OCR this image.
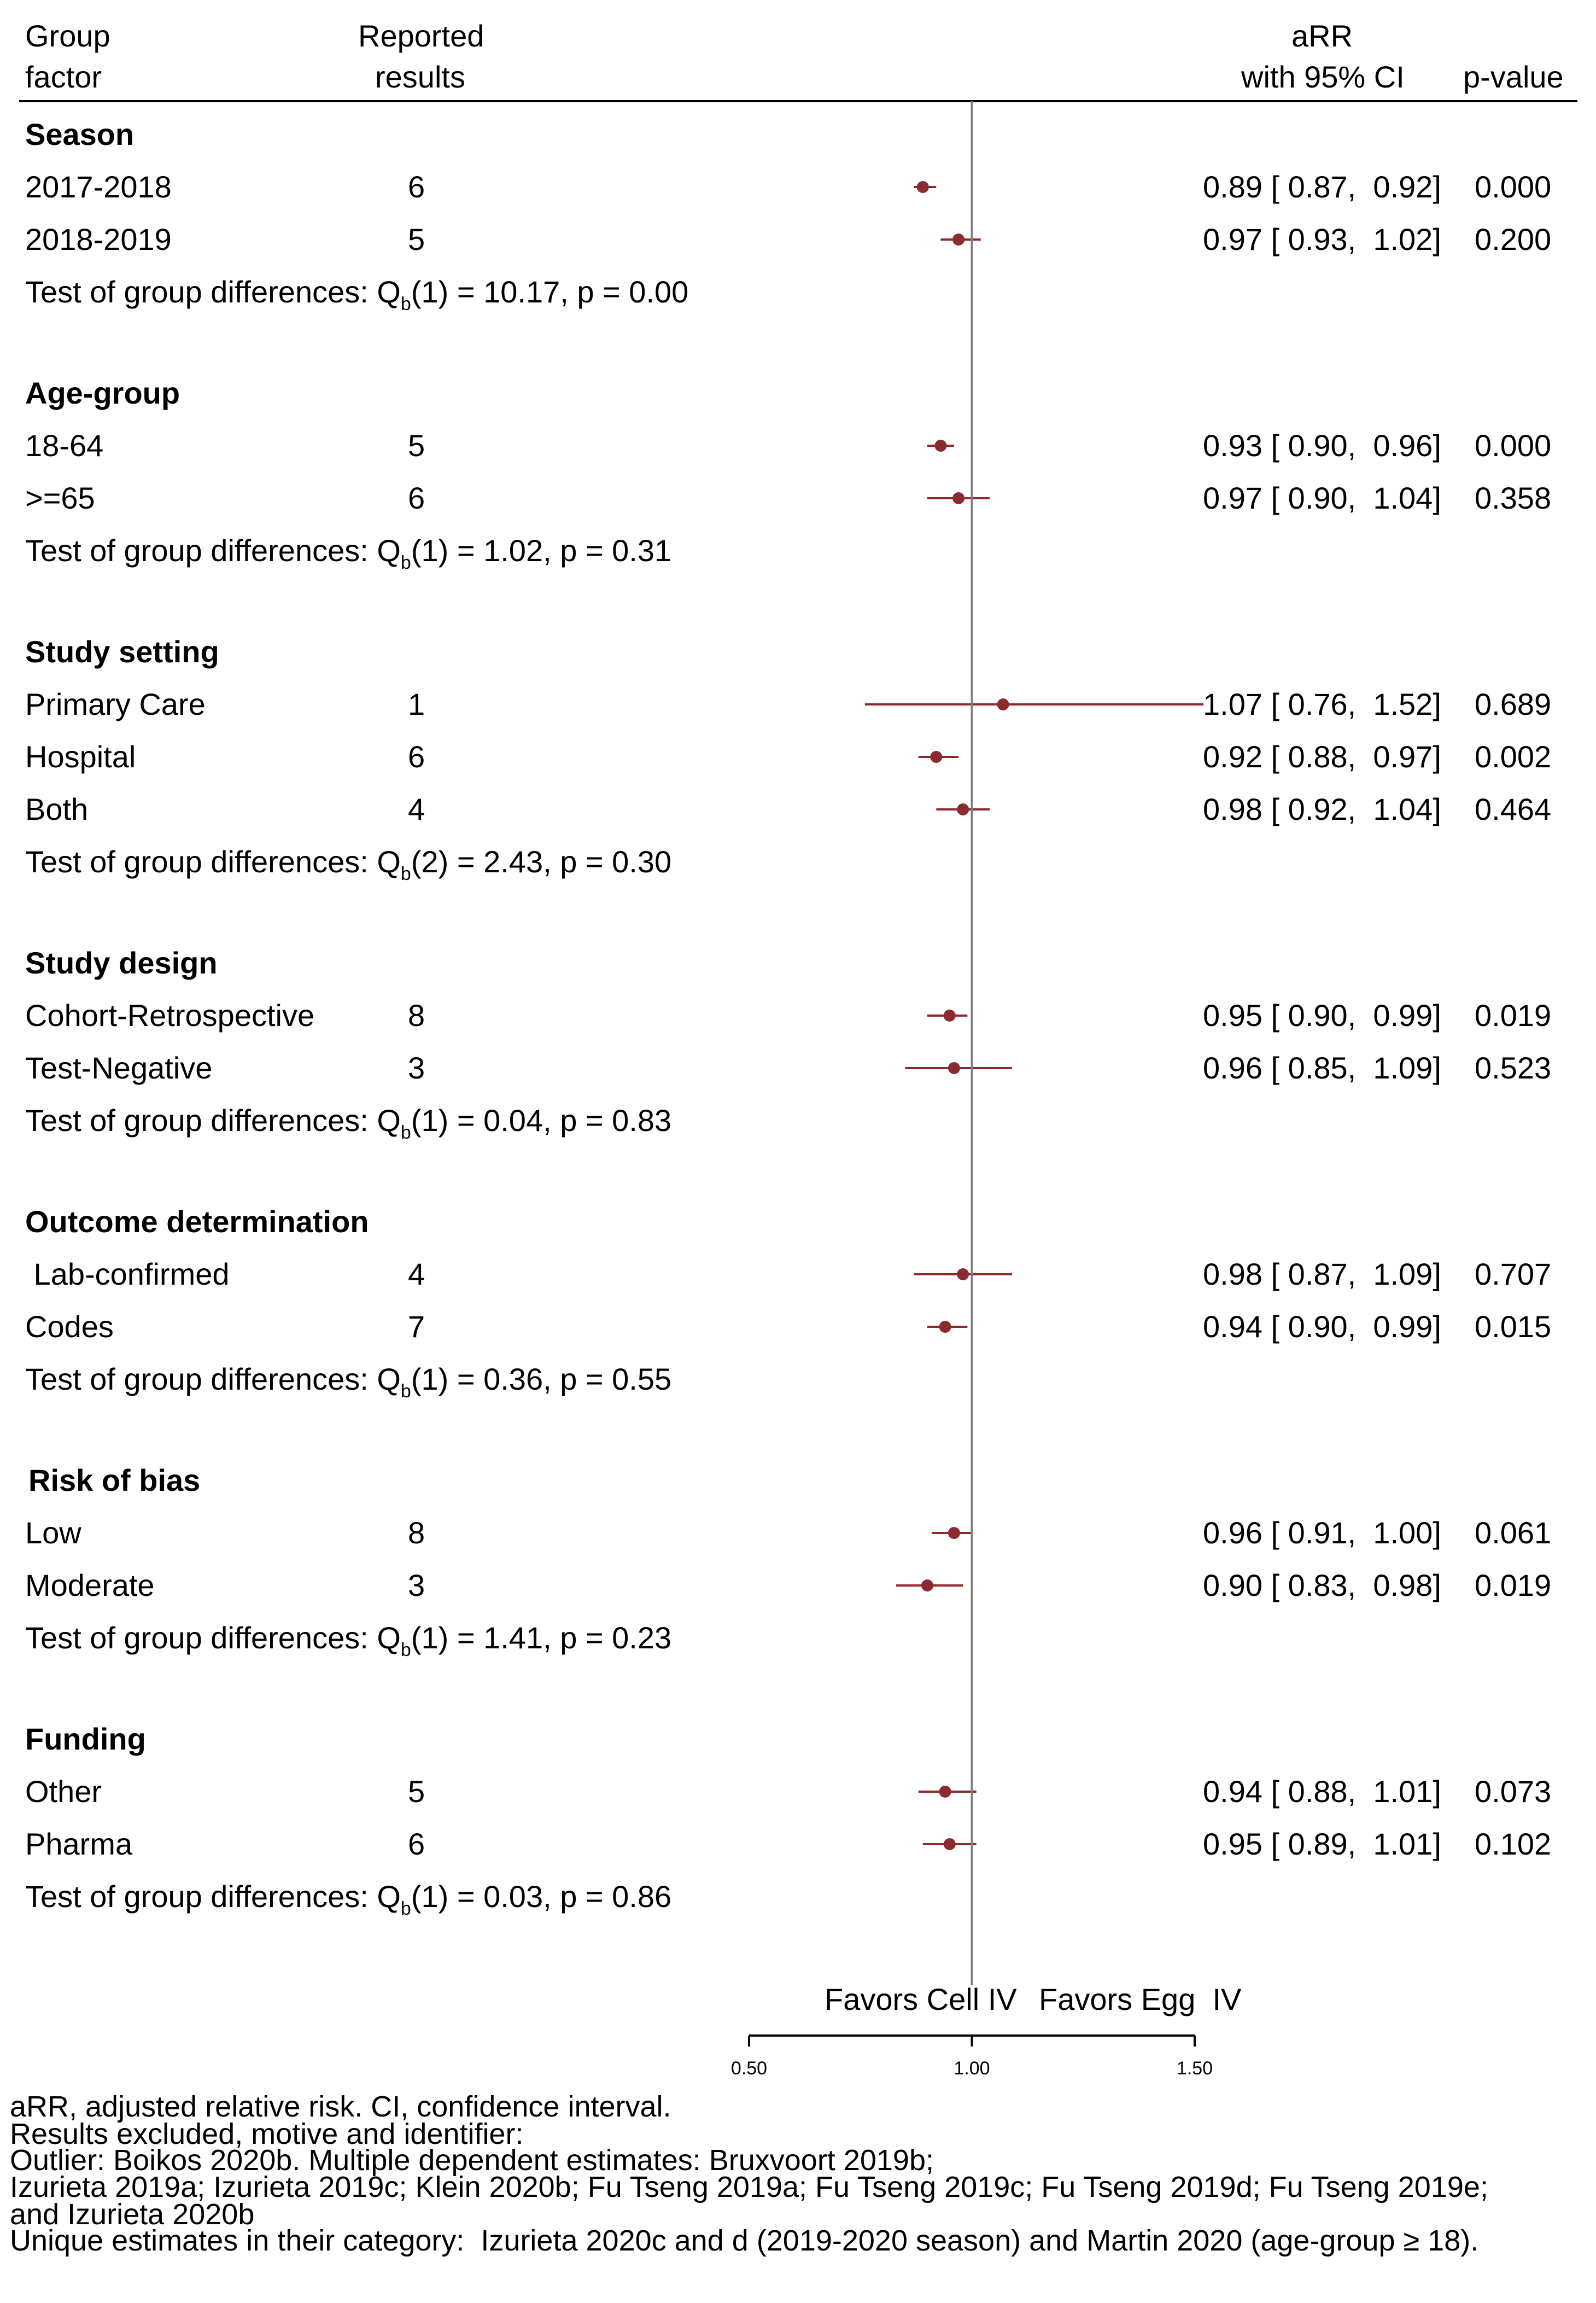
Group
factor
Reported
results
aRR
with 95% CI p-value
Season
2017-2018	6	0.89 [ 0.87,  0.92] 0.000
2018-2019	5	0.97 [ 0.93,  1.02] 0.200
Test of group differences: $Q_b(1) = 10.17$, p = 0.00
Age-group
18-64	5	0.93 [ 0.90,  0.96] 0.000
>=65	6	0.97 [ 0.90,  1.04] 0.358
Test of group differences: $Q_b(1) = 1.02$, p = 0.31
Study setting
Primary Care	1	1.07 [ 0.76,  1.52] 0.689
Hospital	6	0.92 [ 0.88,  0.97] 0.002
Both	4	0.98 [ 0.92,  1.04] 0.464
Test of group differences: $Q_b(2) = 2.43$, p = 0.30
Study design
Cohort-Retrospective	8	0.95 [ 0.90,  0.99] 0.019
Test-Negative	3	0.96 [ 0.85,  1.09] 0.523
Test of group differences: $Q_b(1) = 0.04$, p = 0.83
Outcome determination
Lab-confirmed	4	0.98 [ 0.87,  1.09] 0.707
Codes	7	0.94 [ 0.90,  0.99] 0.015
Test of group differences: $Q_b(1) = 0.36$, p = 0.55
Risk of bias
Low	8	0.96 [ 0.91,  1.00] 0.061
Moderate	3	0.90 [ 0.83,  0.98] 0.019
Test of group differences: $Q_b(1) = 1.41$, p = 0.23
Funding
Other	5	0.94 [ 0.88,  1.01] 0.073
Pharma	6	0.95 [ 0.89,  1.01] 0.102
Test of group differences: $Q_b(1) = 0.03$, p = 0.86
0.50	1.00	1.50
Favors Cell IV Favors Egg  IV
aRR, adjusted relative risk. CI, confidence interval.
Results excluded, motive and identifier:
Outlier: Boikos 2020b. Multiple dependent estimates: Bruxvoort 2019b;
Izurieta 2019a; Izurieta 2019c; Klein 2020b; Fu Tseng 2019a; Fu Tseng 2019c; Fu Tseng 2019d; Fu Tseng 2019e;
and Izurieta 2020b
Unique estimates in their category:  Izurieta 2020c and d (2019-2020 season) and Martin 2020 (age-group ≥ 18).
